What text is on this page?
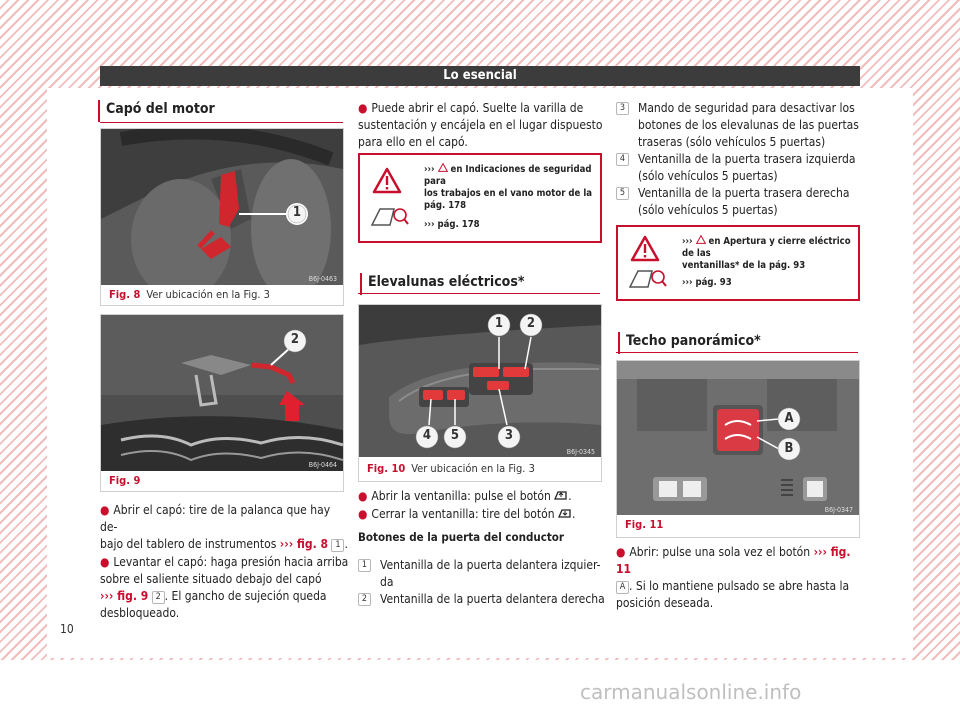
Lo esencial
Capó del motor
1
B6J-0463
Fig. 8 Ver ubicación en la Fig. 3
2
B6J-0464
Fig. 9

● Abrir el capó: tire de la palanca que hay de-
bajo del tablero de instrumentos ››› fig. 8 1 .

● Levantar el capó: haga presión hacia arriba
sobre el saliente situado debajo del capó
››› fig. 9 2 . El gancho de sujeción queda
desbloqueado.

● Puede abrir el capó. Suelte la varilla de
sustentación y encájela en el lugar dispuesto
para ello en el capó.

››› en Indicaciones de seguridad para
los trabajos en el vano motor de la
pág. 178
››› pág. 178
Elevalunas eléctricos*
1 2
4 5	3
B6J-0345
Fig. 10 Ver ubicación en la Fig. 3

● Abrir la ventanilla: pulse el botón .

● Cerrar la ventanilla: tire del botón .

Botones de la puerta del conductor

1	Ventanilla de la puerta delantera izquier-
da
2	Ventanilla de la puerta delantera derecha
3	Mando de seguridad para desactivar los
botones de los elevalunas de las puertas
traseras (sólo vehículos 5 puertas)
4	Ventanilla de la puerta trasera izquierda
(sólo vehículos 5 puertas)
5	Ventanilla de la puerta trasera derecha
(sólo vehículos 5 puertas)
››› en Apertura y cierre eléctrico de las
ventanillas* de la pág. 93
››› pág. 93
Techo panorámico*
A
B
B6J-0347
Fig. 11

● Abrir: pulse una sola vez el botón ››› fig. 11
A . Si lo mantiene pulsado se abre hasta la
posición deseada.

10
carmanualsonline.info
